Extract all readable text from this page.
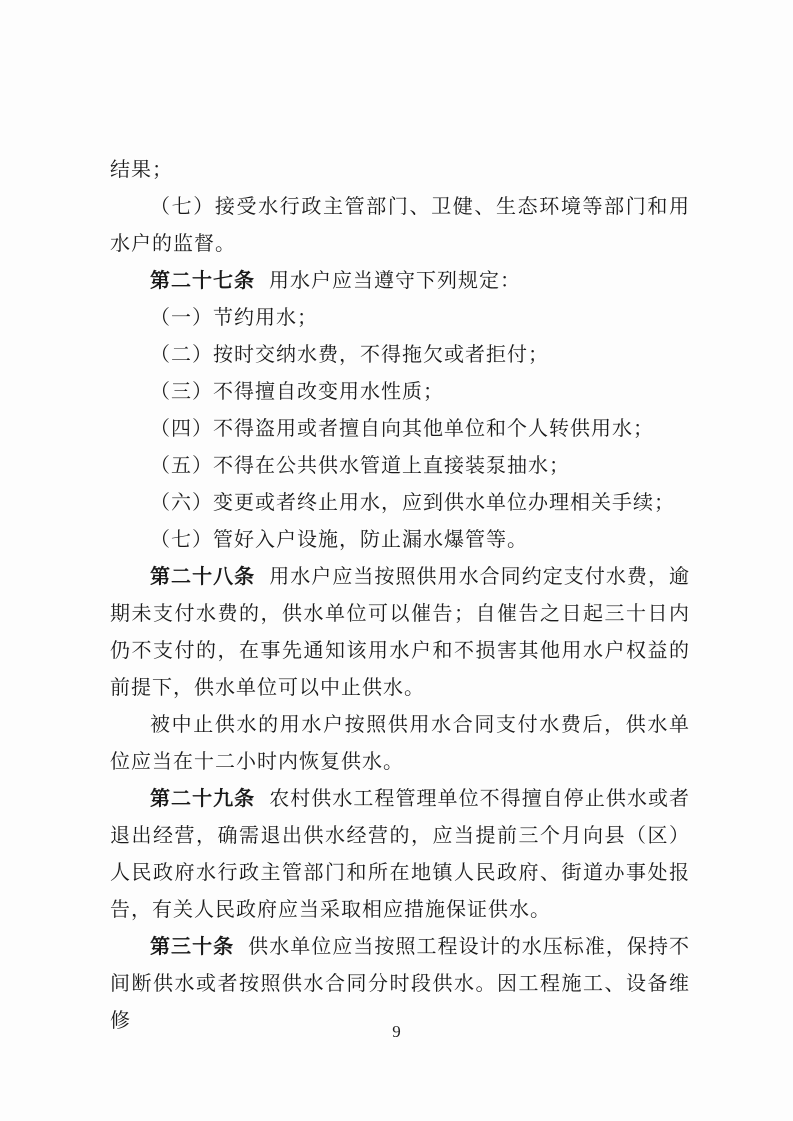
结果；

（七）接受水行政主管部门、卫健、生态环境等部门和用水户的监督。

第二十七条 用水户应当遵守下列规定：

（一）节约用水；

（二）按时交纳水费，不得拖欠或者拒付；

（三）不得擅自改变用水性质；

（四）不得盗用或者擅自向其他单位和个人转供用水；

（五）不得在公共供水管道上直接装泵抽水；

（六）变更或者终止用水，应到供水单位办理相关手续；

（七）管好入户设施，防止漏水爆管等。

第二十八条 用水户应当按照供用水合同约定支付水费，逾期未支付水费的，供水单位可以催告；自催告之日起三十日内仍不支付的，在事先通知该用水户和不损害其他用水户权益的前提下，供水单位可以中止供水。

被中止供水的用水户按照供用水合同支付水费后，供水单位应当在十二小时内恢复供水。

第二十九条 农村供水工程管理单位不得擅自停止供水或者退出经营，确需退出供水经营的，应当提前三个月向县（区）人民政府水行政主管部门和所在地镇人民政府、街道办事处报告，有关人民政府应当采取相应措施保证供水。

第三十条 供水单位应当按照工程设计的水压标准，保持不间断供水或者按照供水合同分时段供水。因工程施工、设备维修	9
